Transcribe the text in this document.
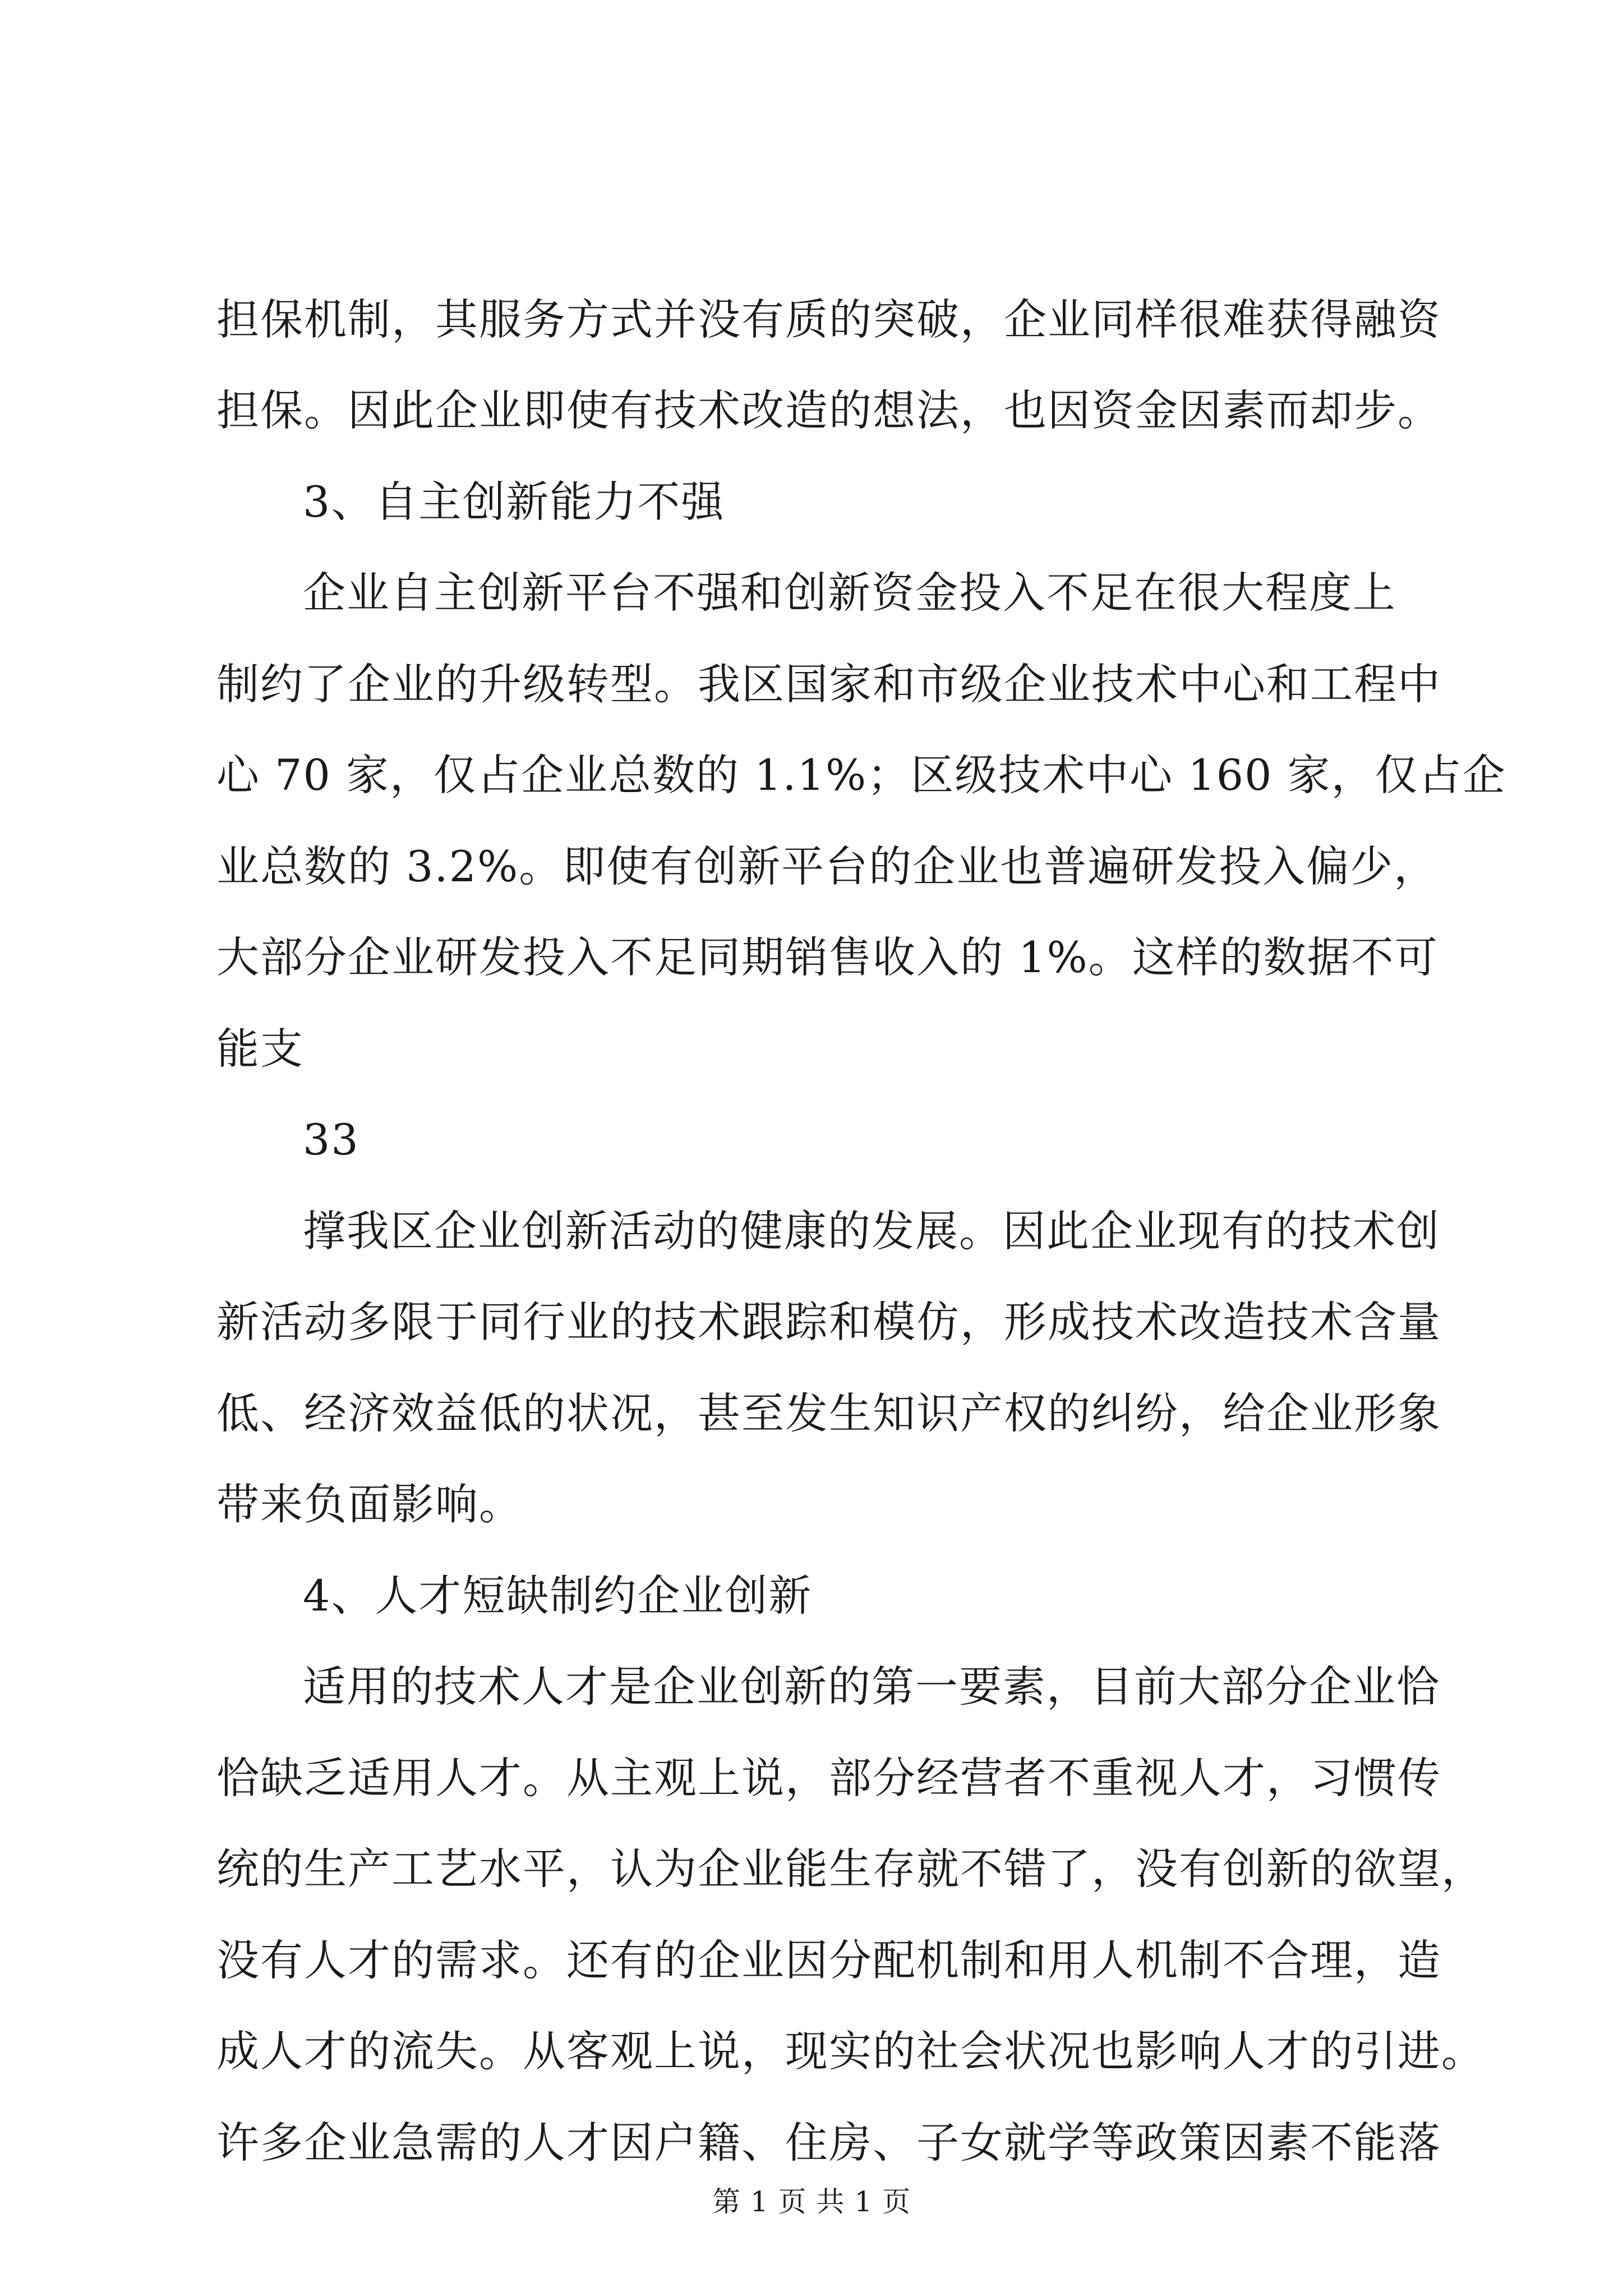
担保机制，其服务方式并没有质的突破，企业同样很难获得融资
担保。因此企业即使有技术改造的想法，也因资金因素而却步。
3、自主创新能力不强
企业自主创新平台不强和创新资金投入不足在很大程度上
制约了企业的升级转型。我区国家和市级企业技术中心和工程中
心 70 家，仅占企业总数的 1.1%；区级技术中心 160 家，仅占企
业总数的 3.2%。即使有创新平台的企业也普遍研发投入偏少，
大部分企业研发投入不足同期销售收入的 1%。这样的数据不可
能支
33
撑我区企业创新活动的健康的发展。因此企业现有的技术创
新活动多限于同行业的技术跟踪和模仿，形成技术改造技术含量
低、经济效益低的状况，甚至发生知识产权的纠纷，给企业形象
带来负面影响。
4、人才短缺制约企业创新
适用的技术人才是企业创新的第一要素，目前大部分企业恰
恰缺乏适用人才。从主观上说，部分经营者不重视人才，习惯传
统的生产工艺水平，认为企业能生存就不错了，没有创新的欲望，
没有人才的需求。还有的企业因分配机制和用人机制不合理，造
成人才的流失。从客观上说，现实的社会状况也影响人才的引进。
许多企业急需的人才因户籍、住房、子女就学等政策因素不能落
第 1 页 共 1 页
